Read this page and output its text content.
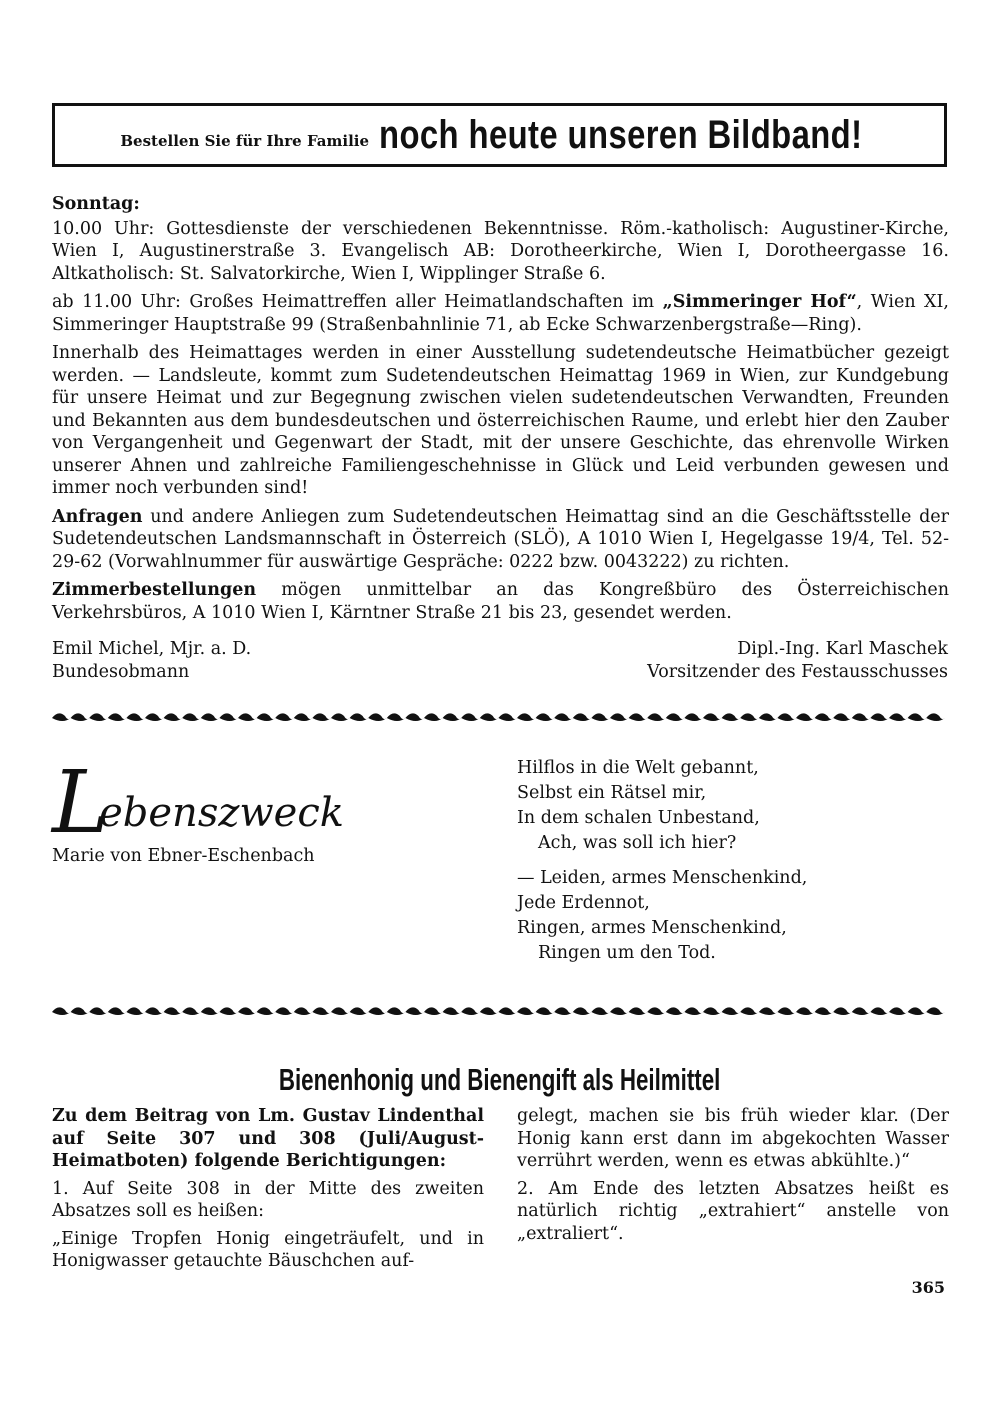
Bestellen Sie für Ihre Familie noch heute unseren Bildband!

Sonntag:

10.00 Uhr: Gottesdienste der verschiedenen Bekenntnisse. Röm.-katholisch: Augustiner-Kirche, Wien I, Augustinerstraße 3. Evangelisch AB: Dorotheerkirche, Wien I, Dorotheergasse 16. Altkatholisch: St. Salvatorkirche, Wien I, Wipplinger Straße 6.

ab 11.00 Uhr: Großes Heimattreffen aller Heimatlandschaften im „Simmeringer Hof“, Wien XI, Simmeringer Hauptstraße 99 (Straßenbahnlinie 71, ab Ecke Schwarzenbergstraße—Ring).

Innerhalb des Heimattages werden in einer Ausstellung sudetendeutsche Heimatbücher gezeigt werden. — Landsleute, kommt zum Sudetendeutschen Heimattag 1969 in Wien, zur Kundgebung für unsere Heimat und zur Begegnung zwischen vielen sudetendeutschen Verwandten, Freunden und Bekannten aus dem bundesdeutschen und österreichischen Raume, und erlebt hier den Zauber von Vergangenheit und Gegenwart der Stadt, mit der unsere Geschichte, das ehrenvolle Wirken unserer Ahnen und zahlreiche Familiengeschehnisse in Glück und Leid verbunden gewesen und immer noch verbunden sind!

Anfragen und andere Anliegen zum Sudetendeutschen Heimattag sind an die Geschäftsstelle der Sudetendeutschen Landsmannschaft in Österreich (SLÖ), A 1010 Wien I, Hegelgasse 19/4, Tel. 52-29-62 (Vorwahlnummer für auswärtige Gespräche: 0222 bzw. 0043222) zu richten.

Zimmerbestellungen mögen unmittelbar an das Kongreßbüro des Österreichischen Verkehrsbüros, A 1010 Wien I, Kärntner Straße 21 bis 23, gesendet werden.

Emil Michel, Mjr. a. D.
Bundesobmann
Dipl.-Ing. Karl Maschek
Vorsitzender des Festausschusses
Lebenszweck
Marie von Ebner-Eschenbach
Hilflos in die Welt gebannt,
Selbst ein Rätsel mir,
In dem schalen Unbestand,
Ach, was soll ich hier?
— Leiden, armes Menschenkind,
Jede Erdennot,
Ringen, armes Menschenkind,
Ringen um den Tod.
Bienenhonig und Bienengift als Heilmittel

Zu dem Beitrag von Lm. Gustav Lindenthal auf Seite 307 und 308 (Juli/August-Heimatboten) folgende Berichtigungen:

1. Auf Seite 308 in der Mitte des zweiten Absatzes soll es heißen:

„Einige Tropfen Honig eingeträufelt, und in Honigwasser getauchte Bäuschchen auf-

gelegt, machen sie bis früh wieder klar. (Der Honig kann erst dann im abgekochten Wasser verrührt werden, wenn es etwas abkühlte.)“

2. Am Ende des letzten Absatzes heißt es natürlich richtig „extrahiert“ anstelle von „extraliert“.

365
